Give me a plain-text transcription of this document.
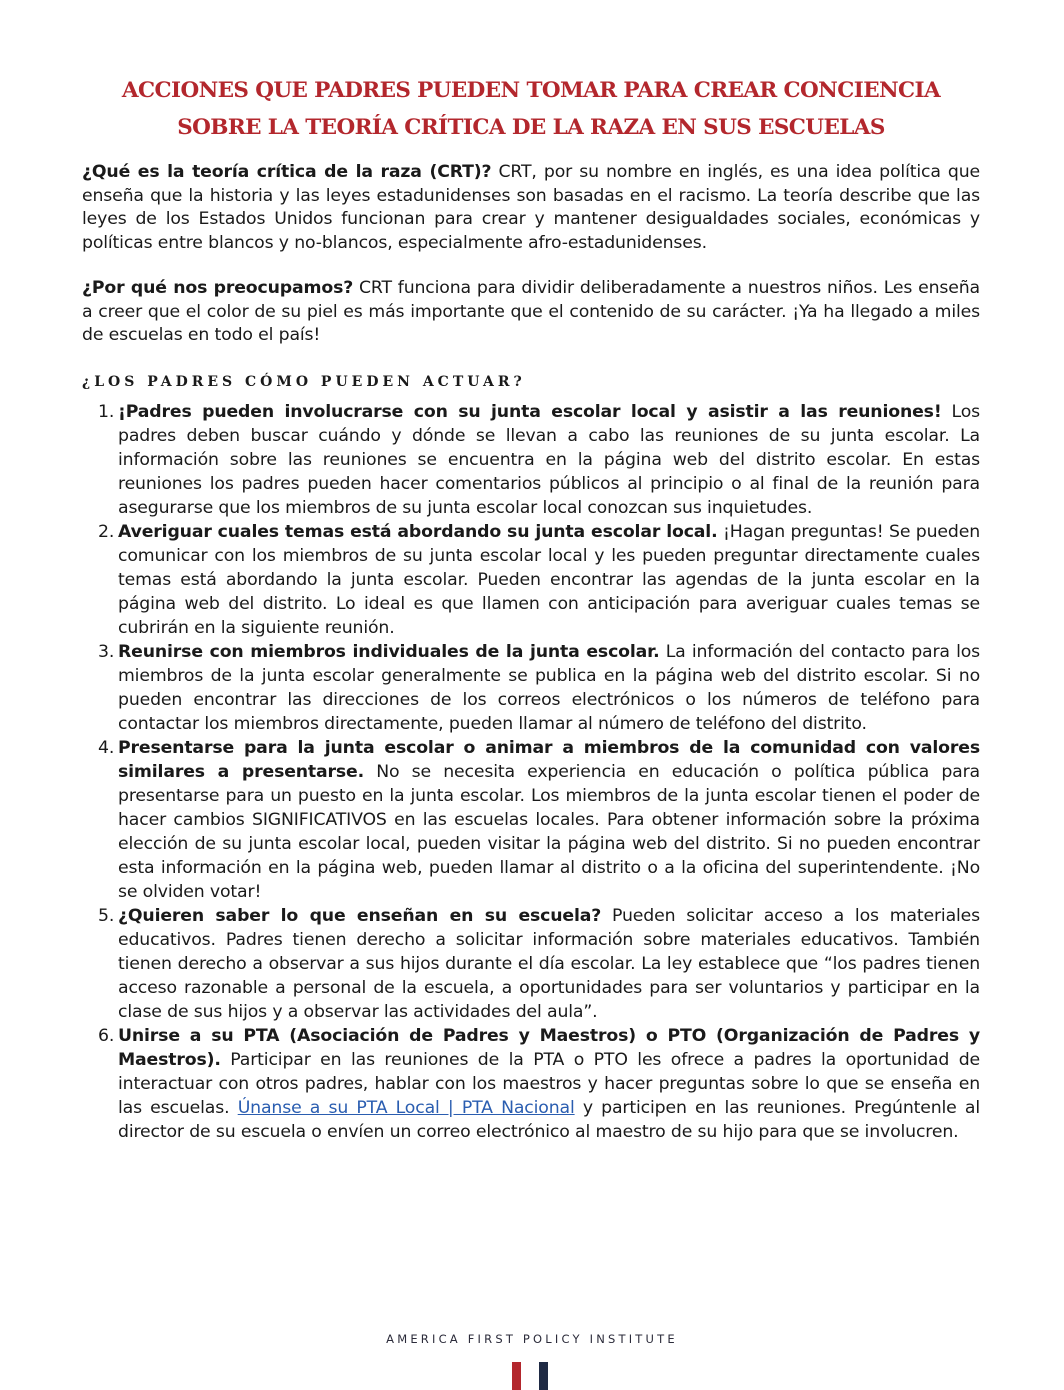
ACCIONES QUE PADRES PUEDEN TOMAR PARA CREAR CONCIENCIA
SOBRE LA TEORÍA CRÍTICA DE LA RAZA EN SUS ESCUELAS

¿Qué es la teoría crítica de la raza (CRT)? CRT, por su nombre en inglés, es una idea política que enseña que la historia y las leyes estadunidenses son basadas en el racismo. La teoría describe que las leyes de los Estados Unidos funcionan para crear y mantener desigualdades sociales, económicas y políticas entre blancos y no-blancos, especialmente afro-estadunidenses.

¿Por qué nos preocupamos? CRT funciona para dividir deliberadamente a nuestros niños. Les enseña a creer que el color de su piel es más importante que el contenido de su carácter. ¡Ya ha llegado a miles de escuelas en todo el país!

¿LOS PADRES CÓMO PUEDEN ACTUAR?
1. ¡Padres pueden involucrarse con su junta escolar local y asistir a las reuniones! Los padres deben buscar cuándo y dónde se llevan a cabo las reuniones de su junta escolar. La información sobre las reuniones se encuentra en la página web del distrito escolar. En estas reuniones los padres pueden hacer comentarios públicos al principio o al final de la reunión para asegurarse que los miembros de su junta escolar local conozcan sus inquietudes.
2. Averiguar cuales temas está abordando su junta escolar local. ¡Hagan preguntas! Se pueden comunicar con los miembros de su junta escolar local y les pueden preguntar directamente cuales temas está abordando la junta escolar. Pueden encontrar las agendas de la junta escolar en la página web del distrito. Lo ideal es que llamen con anticipación para averiguar cuales temas se cubrirán en la siguiente reunión.
3. Reunirse con miembros individuales de la junta escolar. La información del contacto para los miembros de la junta escolar generalmente se publica en la página web del distrito escolar. Si no pueden encontrar las direcciones de los correos electrónicos o los números de teléfono para contactar los miembros directamente, pueden llamar al número de teléfono del distrito.
4. Presentarse para la junta escolar o animar a miembros de la comunidad con valores similares a presentarse. No se necesita experiencia en educación o política pública para presentarse para un puesto en la junta escolar. Los miembros de la junta escolar tienen el poder de hacer cambios SIGNIFICATIVOS en las escuelas locales. Para obtener información sobre la próxima elección de su junta escolar local, pueden visitar la página web del distrito. Si no pueden encontrar esta información en la página web, pueden llamar al distrito o a la oficina del superintendente. ¡No se olviden votar!
5. ¿Quieren saber lo que enseñan en su escuela? Pueden solicitar acceso a los materiales educativos. Padres tienen derecho a solicitar información sobre materiales educativos. También tienen derecho a observar a sus hijos durante el día escolar. La ley establece que “los padres tienen acceso razonable a personal de la escuela, a oportunidades para ser voluntarios y participar en la clase de sus hijos y a observar las actividades del aula”.
6. Unirse a su PTA (Asociación de Padres y Maestros) o PTO (Organización de Padres y Maestros). Participar en las reuniones de la PTA o PTO les ofrece a padres la oportunidad de interactuar con otros padres, hablar con los maestros y hacer preguntas sobre lo que se enseña en las escuelas. Únanse a su PTA Local | PTA Nacional y participen en las reuniones. Pregúntenle al director de su escuela o envíen un correo electrónico al maestro de su hijo para que se involucren.
AMERICA FIRST POLICY INSTITUTE
